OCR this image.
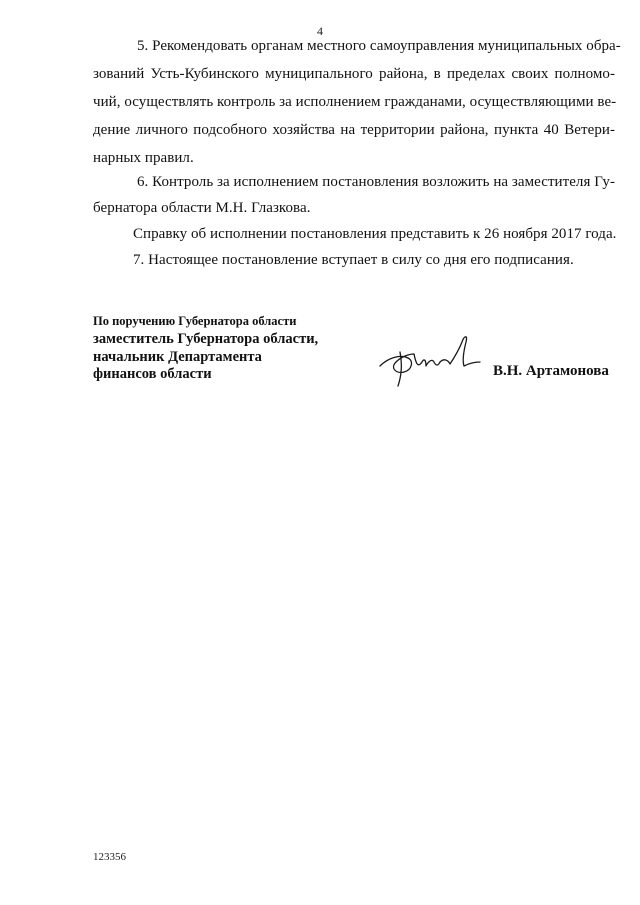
4
5. Рекомендовать органам местного самоуправления муниципальных обра-
зований Усть-Кубинского муниципального района, в пределах своих полномо-
чий, осуществлять контроль за исполнением гражданами, осуществляющими ве-
дение личного подсобного хозяйства на территории района, пункта 40 Ветери-
нарных правил.
6. Контроль за исполнением постановления возложить на заместителя Гу-
бернатора области М.Н. Глазкова.
Справку об исполнении постановления представить к 26 ноября 2017 года.
7. Настоящее постановление вступает в силу со дня его подписания.
По поручению Губернатора области
заместитель Губернатора области,
начальник Департамента
финансов области	В.Н. Артамонова
123356
